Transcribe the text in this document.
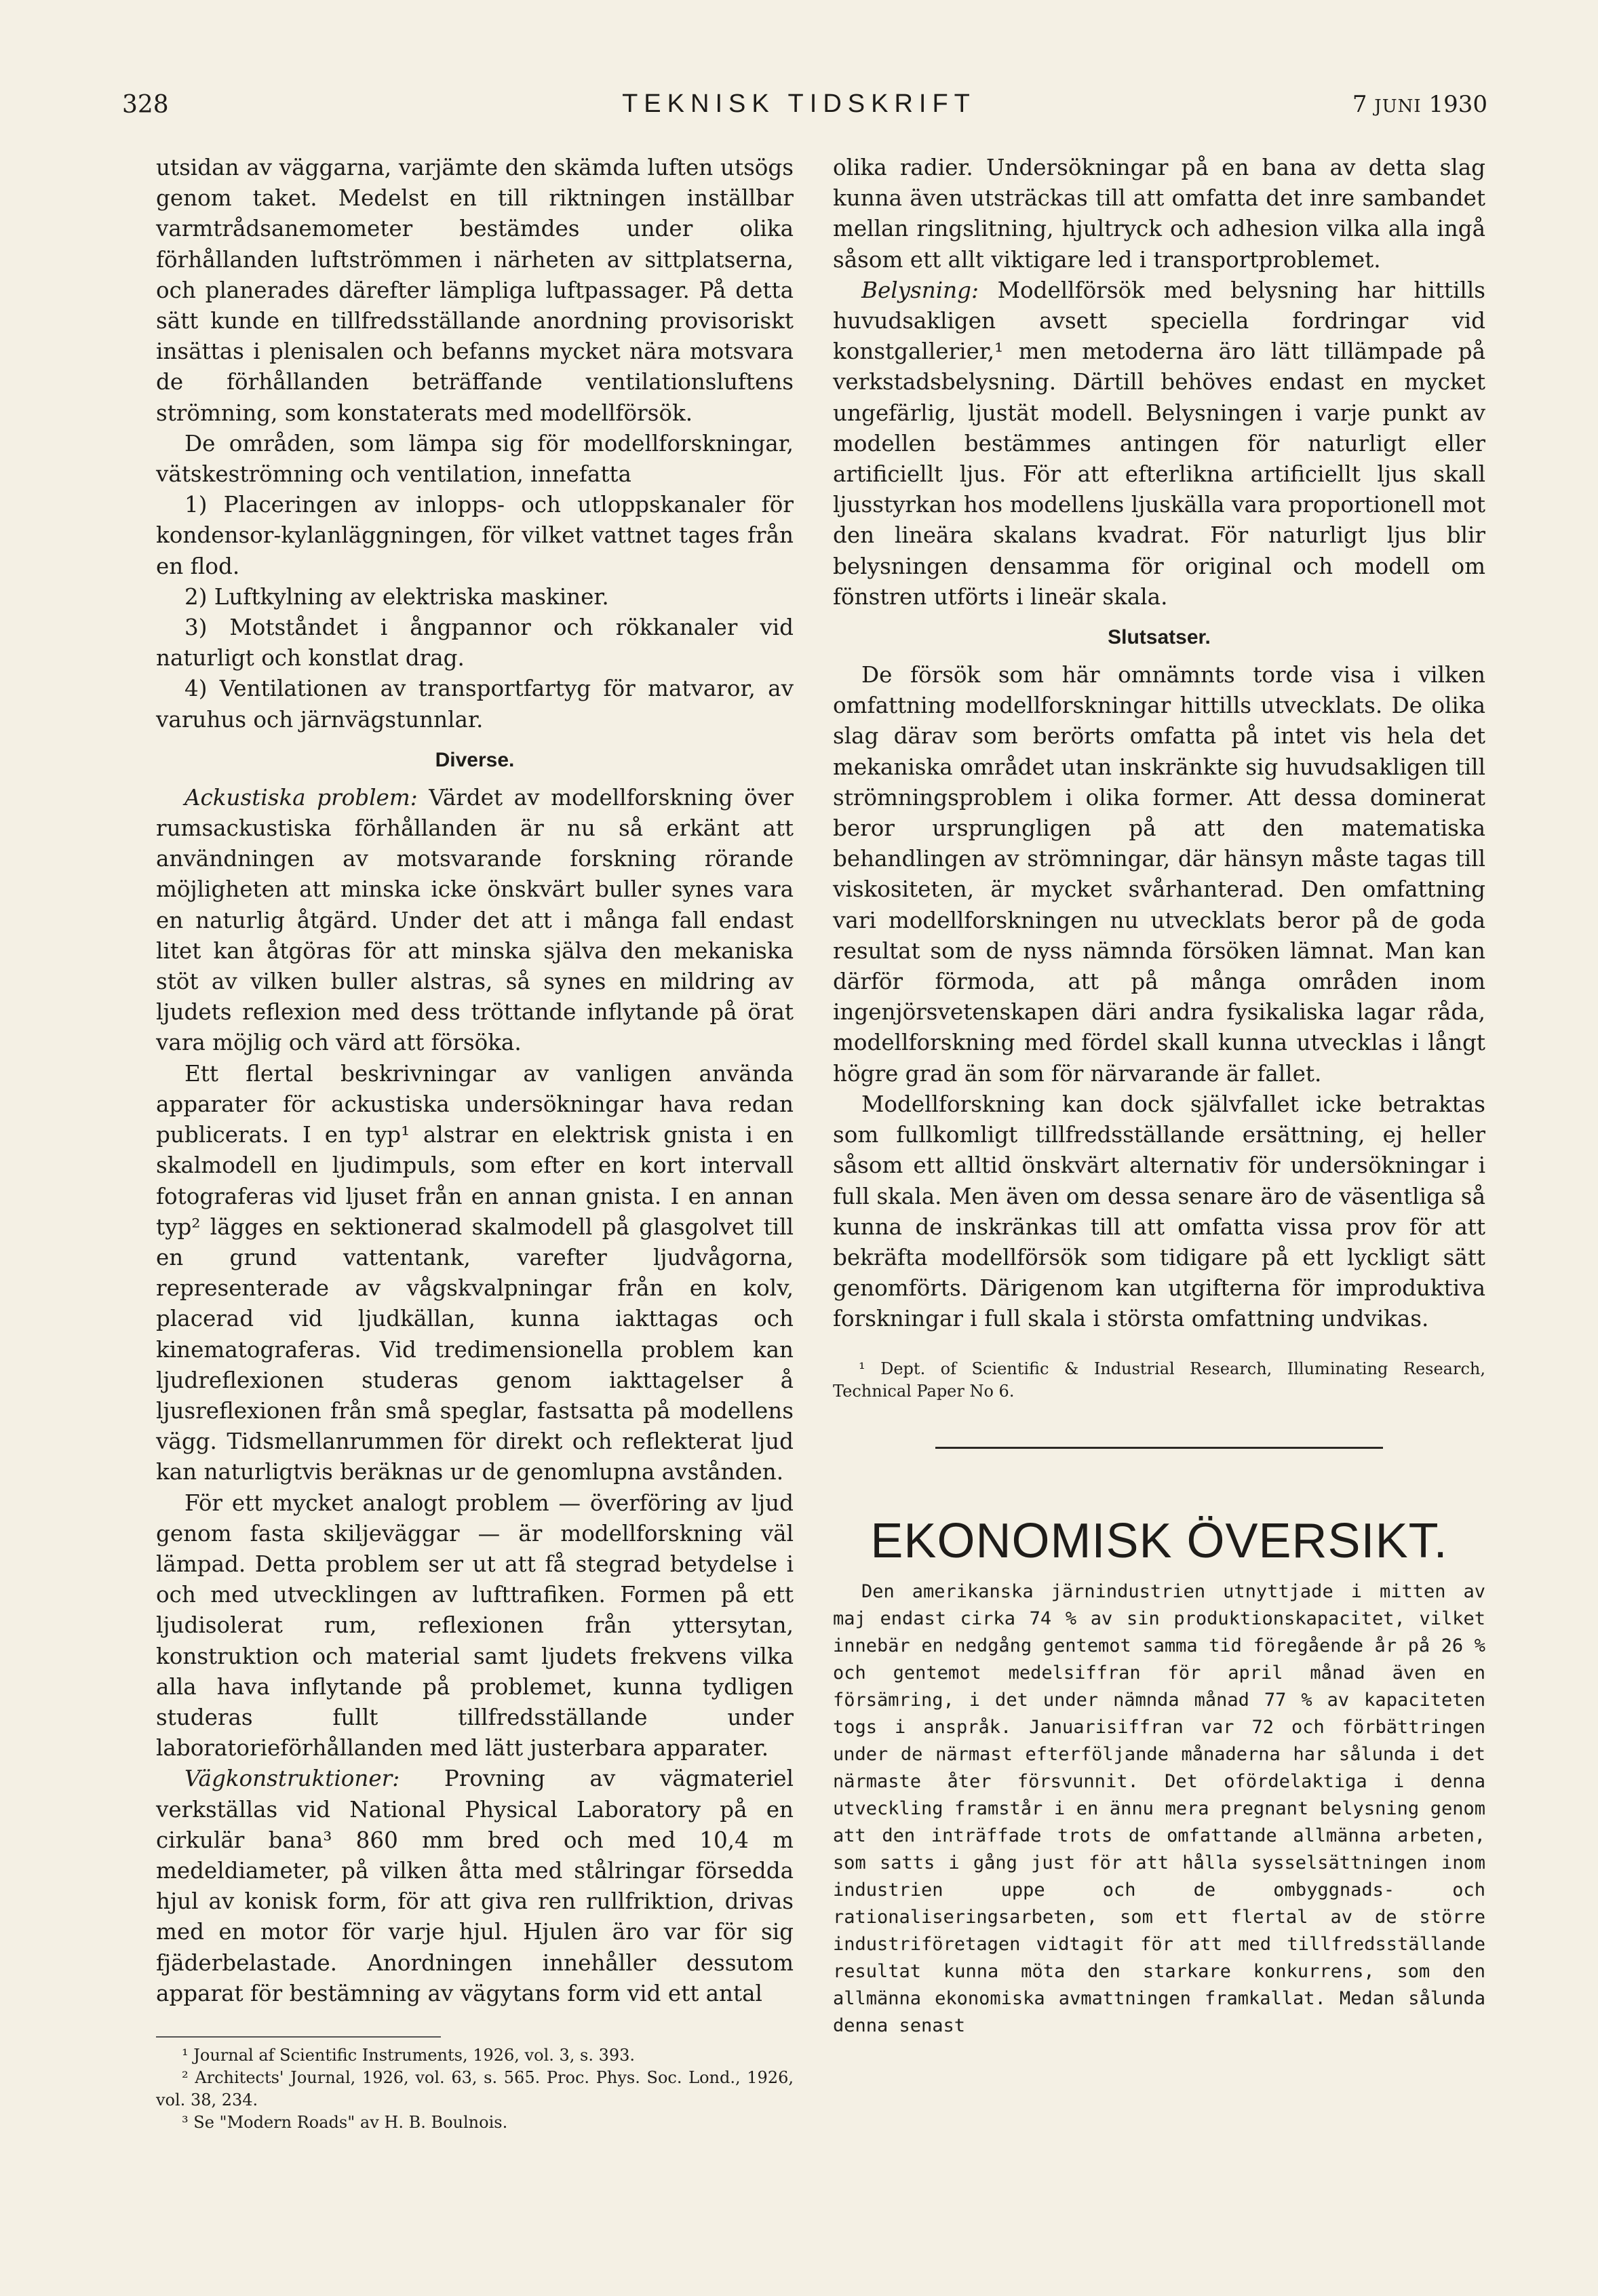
328	TEKNISK TIDSKRIFT	7 JUNI 1930

utsidan av väggarna, varjämte den skämda luften utsögs genom taket. Medelst en till riktningen inställbar varmtrådsanemometer bestämdes under olika förhållanden luftströmmen i närheten av sittplatserna, och planerades därefter lämpliga luftpassager. På detta sätt kunde en tillfredsställande anordning provisoriskt insättas i plenisalen och befanns mycket nära motsvara de förhållanden beträffande ventilationsluftens strömning, som konstaterats med modellförsök.

De områden, som lämpa sig för modellforskningar, vätskeströmning och ventilation, innefatta

1) Placeringen av inlopps- och utloppskanaler för kondensor-kylanläggningen, för vilket vattnet tages från en flod.

2) Luftkylning av elektriska maskiner.

3) Motståndet i ångpannor och rökkanaler vid naturligt och konstlat drag.

4) Ventilationen av transportfartyg för matvaror, av varuhus och järnvägstunnlar.

Diverse.

Ackustiska problem: Värdet av modellforskning över rumsackustiska förhållanden är nu så erkänt att användningen av motsvarande forskning rörande möjligheten att minska icke önskvärt buller synes vara en naturlig åtgärd. Under det att i många fall endast litet kan åtgöras för att minska själva den mekaniska stöt av vilken buller alstras, så synes en mildring av ljudets reflexion med dess tröttande inflytande på örat vara möjlig och värd att försöka.

Ett flertal beskrivningar av vanligen använda apparater för ackustiska undersökningar hava redan publicerats. I en typ¹ alstrar en elektrisk gnista i en skalmodell en ljudimpuls, som efter en kort intervall fotograferas vid ljuset från en annan gnista. I en annan typ² lägges en sektionerad skalmodell på glasgolvet till en grund vattentank, varefter ljudvågorna, representerade av vågskvalpningar från en kolv, placerad vid ljudkällan, kunna iakttagas och kinematograferas. Vid tredimensionella problem kan ljudreflexionen studeras genom iakttagelser å ljusreflexionen från små speglar, fastsatta på modellens vägg. Tidsmellanrummen för direkt och reflekterat ljud kan naturligtvis beräknas ur de genomlupna avstånden.

För ett mycket analogt problem — överföring av ljud genom fasta skiljeväggar — är modellforskning väl lämpad. Detta problem ser ut att få stegrad betydelse i och med utvecklingen av lufttrafiken. Formen på ett ljudisolerat rum, reflexionen från yttersytan, konstruktion och material samt ljudets frekvens vilka alla hava inflytande på problemet, kunna tydligen studeras fullt tillfredsställande under laboratorieförhållanden med lätt justerbara apparater.

Vägkonstruktioner: Provning av vägmateriel verkställas vid National Physical Laboratory på en cirkulär bana³ 860 mm bred och med 10,4 m medeldiameter, på vilken åtta med stålringar försedda hjul av konisk form, för att giva ren rullfriktion, drivas med en motor för varje hjul. Hjulen äro var för sig fjäderbelastade. Anordningen innehåller dessutom apparat för bestämning av vägytans form vid ett antal

¹ Journal af Scientific Instruments, 1926, vol. 3, s. 393.
² Architects' Journal, 1926, vol. 63, s. 565. Proc. Phys. Soc. Lond., 1926, vol. 38, 234.
³ Se "Modern Roads" av H. B. Boulnois.

olika radier. Undersökningar på en bana av detta slag kunna även utsträckas till att omfatta det inre sambandet mellan ringslitning, hjultryck och adhesion vilka alla ingå såsom ett allt viktigare led i transportproblemet.

Belysning: Modellförsök med belysning har hittills huvudsakligen avsett speciella fordringar vid konstgallerier,¹ men metoderna äro lätt tillämpade på verkstadsbelysning. Därtill behöves endast en mycket ungefärlig, ljustät modell. Belysningen i varje punkt av modellen bestämmes antingen för naturligt eller artificiellt ljus. För att efterlikna artificiellt ljus skall ljusstyrkan hos modellens ljuskälla vara proportionell mot den lineära skalans kvadrat. För naturligt ljus blir belysningen densamma för original och modell om fönstren utförts i lineär skala.

Slutsatser.

De försök som här omnämnts torde visa i vilken omfattning modellforskningar hittills utvecklats. De olika slag därav som berörts omfatta på intet vis hela det mekaniska området utan inskränkte sig huvudsakligen till strömningsproblem i olika former. Att dessa dominerat beror ursprungligen på att den matematiska behandlingen av strömningar, där hänsyn måste tagas till viskositeten, är mycket svårhanterad. Den omfattning vari modellforskningen nu utvecklats beror på de goda resultat som de nyss nämnda försöken lämnat. Man kan därför förmoda, att på många områden inom ingenjörsvetenskapen däri andra fysikaliska lagar råda, modellforskning med fördel skall kunna utvecklas i långt högre grad än som för närvarande är fallet.

Modellforskning kan dock självfallet icke betraktas som fullkomligt tillfredsställande ersättning, ej heller såsom ett alltid önskvärt alternativ för undersökningar i full skala. Men även om dessa senare äro de väsentliga så kunna de inskränkas till att omfatta vissa prov för att bekräfta modellförsök som tidigare på ett lyckligt sätt genomförts. Därigenom kan utgifterna för improduktiva forskningar i full skala i största omfattning undvikas.

¹ Dept. of Scientific & Industrial Research, Illuminating Research, Technical Paper No 6.
EKONOMISK ÖVERSIKT.

Den amerikanska järnindustrien utnyttjade i mitten av maj endast cirka 74 % av sin produktionskapacitet, vilket innebär en nedgång gentemot samma tid föregående år på 26 % och gentemot medelsiffran för april månad även en försämring, i det under nämnda månad 77 % av kapaciteten togs i anspråk. Januarisiffran var 72 och förbättringen under de närmast efterföljande månaderna har sålunda i det närmaste åter försvunnit. Det ofördelaktiga i denna utveckling framstår i en ännu mera pregnant belysning genom att den inträffade trots de omfattande allmänna arbeten, som satts i gång just för att hålla sysselsättningen inom industrien uppe och de ombyggnads- och rationaliseringsarbeten, som ett flertal av de större industriföretagen vidtagit för att med tillfredsställande resultat kunna möta den starkare konkurrens, som den allmänna ekonomiska avmattningen framkallat. Medan sålunda denna senast
